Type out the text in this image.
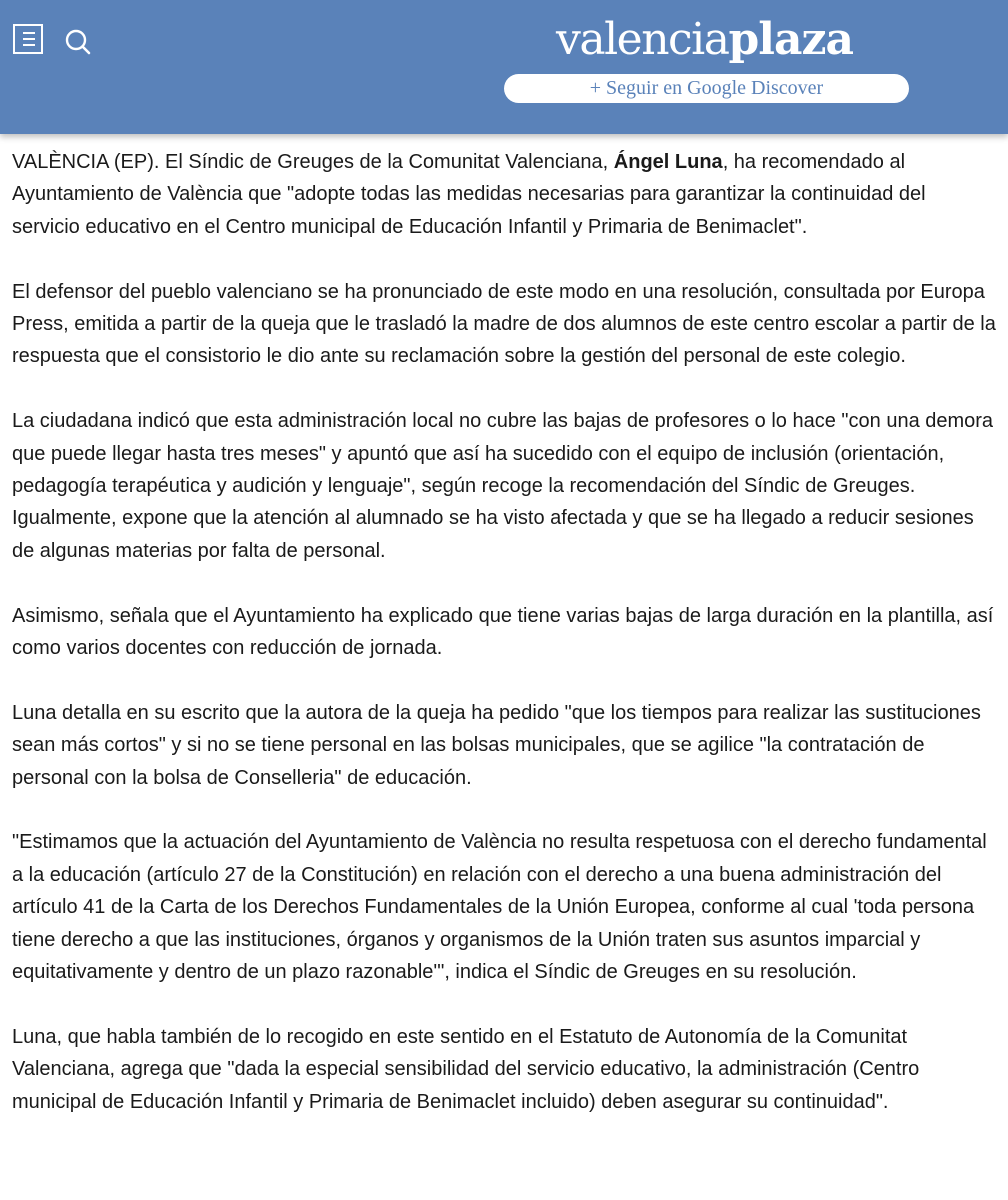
valenciaplaza
+ Seguir en Google Discover

VALÈNCIA (EP). El Síndic de Greuges de la Comunitat Valenciana, Ángel Luna, ha recomendado al Ayuntamiento de València que "adopte todas las medidas necesarias para garantizar la continuidad del servicio educativo en el Centro municipal de Educación Infantil y Primaria de Benimaclet".

El defensor del pueblo valenciano se ha pronunciado de este modo en una resolución, consultada por Europa Press, emitida a partir de la queja que le trasladó la madre de dos alumnos de este centro escolar a partir de la respuesta que el consistorio le dio ante su reclamación sobre la gestión del personal de este colegio.

La ciudadana indicó que esta administración local no cubre las bajas de profesores o lo hace "con una demora que puede llegar hasta tres meses" y apuntó que así ha sucedido con el equipo de inclusión (orientación, pedagogía terapéutica y audición y lenguaje", según recoge la recomendación del Síndic de Greuges. Igualmente, expone que la atención al alumnado se ha visto afectada y que se ha llegado a reducir sesiones de algunas materias por falta de personal.

Asimismo, señala que el Ayuntamiento ha explicado que tiene varias bajas de larga duración en la plantilla, así como varios docentes con reducción de jornada.

Luna detalla en su escrito que la autora de la queja ha pedido "que los tiempos para realizar las sustituciones sean más cortos" y si no se tiene personal en las bolsas municipales, que se agilice "la contratación de personal con la bolsa de Conselleria" de educación.

"Estimamos que la actuación del Ayuntamiento de València no resulta respetuosa con el derecho fundamental a la educación (artículo 27 de la Constitución) en relación con el derecho a una buena administración del artículo 41 de la Carta de los Derechos Fundamentales de la Unión Europea, conforme al cual 'toda persona tiene derecho a que las instituciones, órganos y organismos de la Unión traten sus asuntos imparcial y equitativamente y dentro de un plazo razonable'", indica el Síndic de Greuges en su resolución.

Luna, que habla también de lo recogido en este sentido en el Estatuto de Autonomía de la Comunitat Valenciana, agrega que "dada la especial sensibilidad del servicio educativo, la administración (Centro municipal de Educación Infantil y Primaria de Benimaclet incluido) deben asegurar su continuidad".
